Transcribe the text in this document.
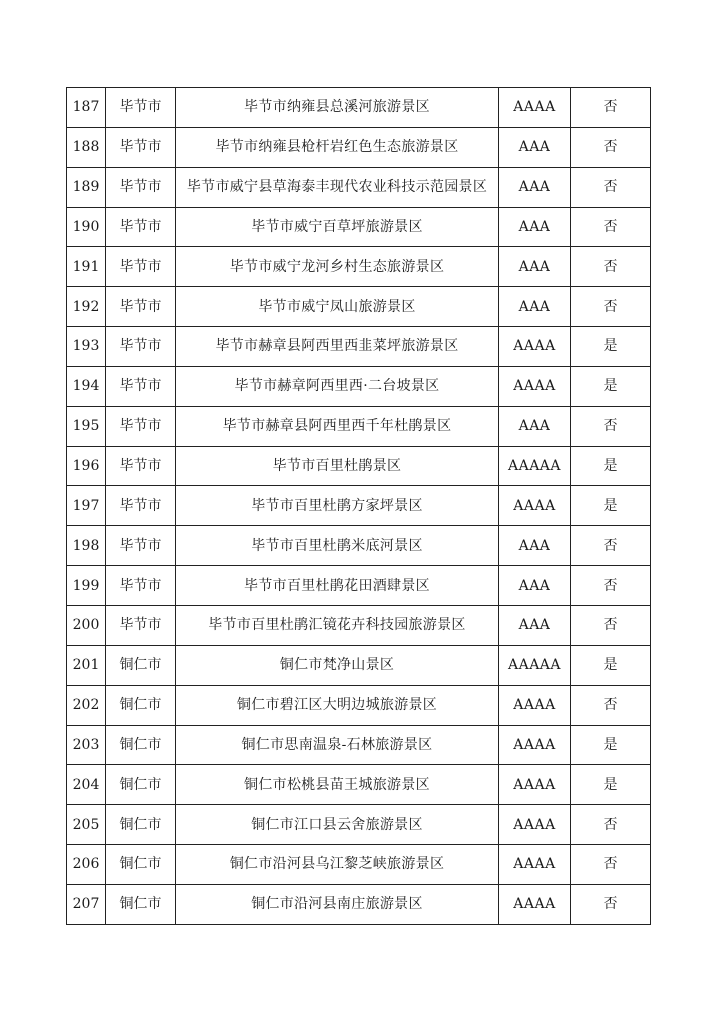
187	毕节市	毕节市纳雍县总溪河旅游景区	AAAA	否
188	毕节市	毕节市纳雍县枪杆岩红色生态旅游景区	AAA	否
189	毕节市	毕节市威宁县草海泰丰现代农业科技示范园景区	AAA	否
190	毕节市	毕节市威宁百草坪旅游景区	AAA	否
191	毕节市	毕节市威宁龙河乡村生态旅游景区	AAA	否
192	毕节市	毕节市威宁凤山旅游景区	AAA	否
193	毕节市	毕节市赫章县阿西里西韭菜坪旅游景区	AAAA	是
194	毕节市	毕节市赫章阿西里西·二台坡景区	AAAA	是
195	毕节市	毕节市赫章县阿西里西千年杜鹃景区	AAA	否
196	毕节市	毕节市百里杜鹃景区	AAAAA	是
197	毕节市	毕节市百里杜鹃方家坪景区	AAAA	是
198	毕节市	毕节市百里杜鹃米底河景区	AAA	否
199	毕节市	毕节市百里杜鹃花田酒肆景区	AAA	否
200	毕节市	毕节市百里杜鹃汇镜花卉科技园旅游景区	AAA	否
201	铜仁市	铜仁市梵净山景区	AAAAA	是
202	铜仁市	铜仁市碧江区大明边城旅游景区	AAAA	否
203	铜仁市	铜仁市思南温泉-石林旅游景区	AAAA	是
204	铜仁市	铜仁市松桃县苗王城旅游景区	AAAA	是
205	铜仁市	铜仁市江口县云舍旅游景区	AAAA	否
206	铜仁市	铜仁市沿河县乌江黎芝峡旅游景区	AAAA	否
207	铜仁市	铜仁市沿河县南庄旅游景区	AAAA	否
